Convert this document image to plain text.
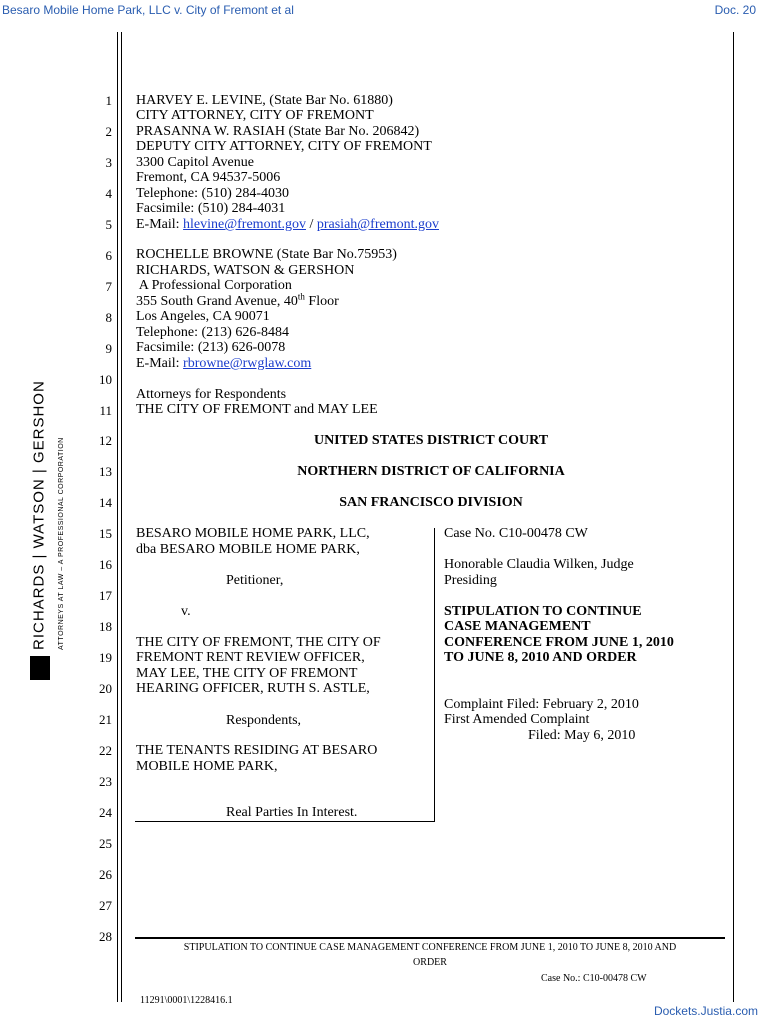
Besaro Mobile Home Park, LLC v. City of Fremont et al	Doc. 20
1
2
3
4
5
6
7
8
9
10
11
12
13
14
15
16
17
18
19
20
21
22
23
24
25
26
27
28
RICHARDS | WATSON | GERSHON ATTORNEYS AT LAW – A PROFESSIONAL CORPORATION
HARVEY E. LEVINE, (State Bar No. 61880)
CITY ATTORNEY, CITY OF FREMONT
PRASANNA W. RASIAH (State Bar No. 206842)
DEPUTY CITY ATTORNEY, CITY OF FREMONT
3300 Capitol Avenue
Fremont, CA 94537-5006
Telephone: (510) 284-4030
Facsimile: (510) 284-4031
E-Mail: hlevine@fremont.gov / prasiah@fremont.gov
ROCHELLE BROWNE (State Bar No.75953)
RICHARDS, WATSON & GERSHON
A Professional Corporation
355 South Grand Avenue, 40th Floor
Los Angeles, CA 90071
Telephone: (213) 626-8484
Facsimile: (213) 626-0078
E-Mail: rbrowne@rwglaw.com
Attorneys for Respondents
THE CITY OF FREMONT and MAY LEE
UNITED STATES DISTRICT COURT
NORTHERN DISTRICT OF CALIFORNIA
SAN FRANCISCO DIVISION
BESARO MOBILE HOME PARK, LLC,
dba BESARO MOBILE HOME PARK,
Petitioner,
v.
THE CITY OF FREMONT, THE CITY OF
FREMONT RENT REVIEW OFFICER,
MAY LEE, THE CITY OF FREMONT
HEARING OFFICER, RUTH S. ASTLE,
Respondents,
THE TENANTS RESIDING AT BESARO
MOBILE HOME PARK,
Real Parties In Interest.
Case No. C10-00478 CW
Honorable Claudia Wilken, Judge
Presiding
STIPULATION TO CONTINUE
CASE MANAGEMENT
CONFERENCE FROM JUNE 1, 2010
TO JUNE 8, 2010 AND ORDER
Complaint Filed: February 2, 2010
First Amended Complaint
Filed: May 6, 2010
STIPULATION TO CONTINUE CASE MANAGEMENT CONFERENCE FROM JUNE 1, 2010 TO JUNE 8, 2010 AND
ORDER
Case No.: C10-00478 CW
11291\0001\1228416.1
Dockets.Justia.com
